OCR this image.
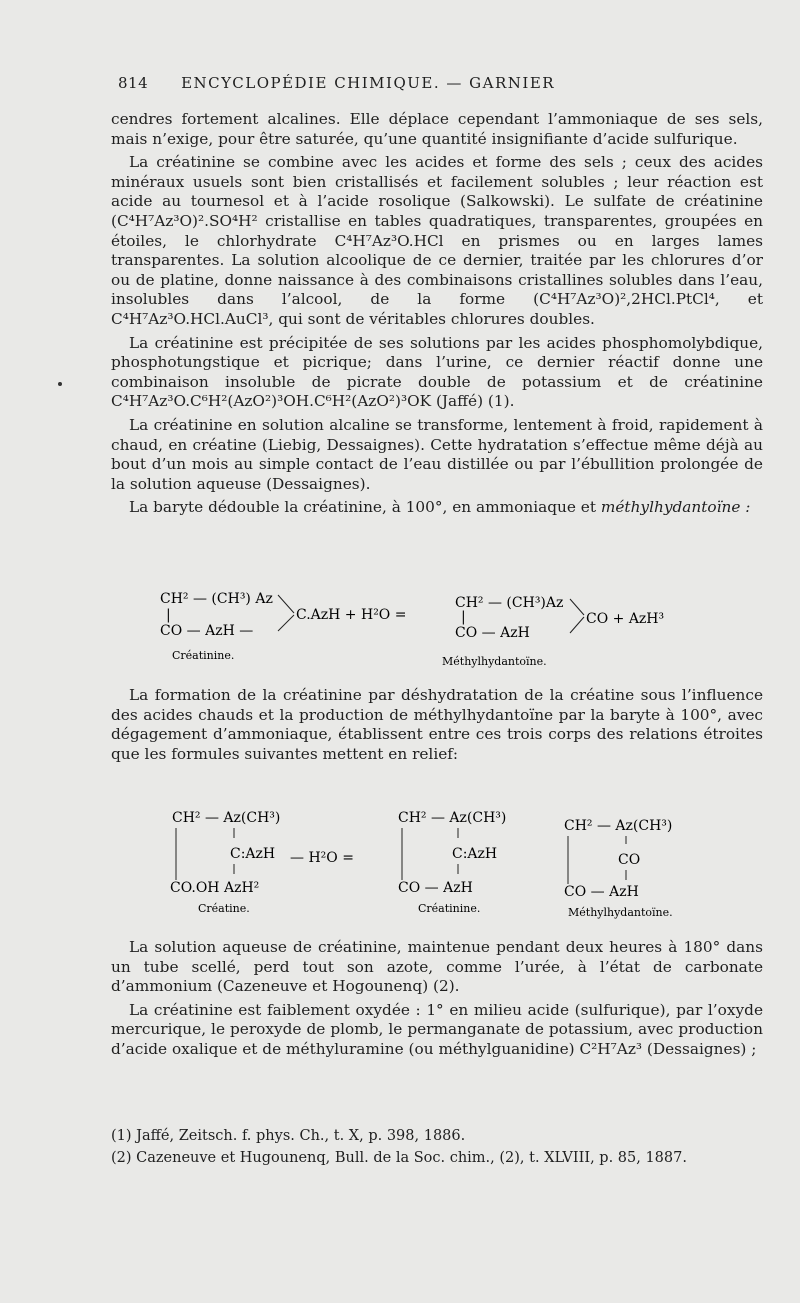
814 ENCYCLOPÉDIE CHIMIQUE. — GARNIER

cendres fortement alcalines. Elle déplace cependant l’ammoniaque de ses sels, mais n’exige, pour être saturée, qu’une quantité insignifiante d’acide sulfurique.

La créatinine se combine avec les acides et forme des sels ; ceux des acides minéraux usuels sont bien cristallisés et facilement solubles ; leur réaction est acide au tournesol et à l’acide rosolique (Salkowski). Le sulfate de créatinine (C⁴H⁷Az³O)².SO⁴H² cristallise en tables quadratiques, transparentes, groupées en étoiles, le chlorhydrate C⁴H⁷Az³O.HCl en prismes ou en larges lames transparentes. La solution alcoolique de ce dernier, traitée par les chlorures d’or ou de platine, donne naissance à des combinaisons cristallines solubles dans l’eau, insolubles dans l’alcool, de la forme (C⁴H⁷Az³O)²,2HCl.PtCl⁴, et C⁴H⁷Az³O.HCl.AuCl³, qui sont de véritables chlorures doubles.

La créatinine est précipitée de ses solutions par les acides phosphomolybdique, phosphotungstique et picrique; dans l’urine, ce dernier réactif donne une combinaison insoluble de picrate double de potassium et de créatinine C⁴H⁷Az³O.C⁶H²(AzO²)³OH.C⁶H²(AzO²)³OK (Jaffé) (1).

La créatinine en solution alcaline se transforme, lentement à froid, rapidement à chaud, en créatine (Liebig, Dessaignes). Cette hydratation s’effectue même déjà au bout d’un mois au simple contact de l’eau distillée ou par l’ébullition prolongée de la solution aqueuse (Dessaignes).

La baryte dédouble la créatinine, à 100°, en ammoniaque et méthylhydantoïne :

CH² — (CH³) Az
|
CO — AzH —
C.AzH + H²O =
CH² — (CH³)Az
|
CO — AzH
CO + AzH³
Créatinine.	Méthylhydantoïne.

La formation de la créatinine par déshydratation de la créatine sous l’influence des acides chauds et la production de méthylhydantoïne par la baryte à 100°, avec dégagement d’ammoniaque, établissent entre ces trois corps des relations étroites que les formules suivantes mettent en relief:

CH² — Az(CH³)
C:AzH
CO.OH AzH²
Créatine.
— H²O =
CH² — Az(CH³)
C:AzH
CO — AzH
Créatinine.
CH² — Az(CH³)
CO
CO — AzH
Méthylhydantoïne.

La solution aqueuse de créatinine, maintenue pendant deux heures à 180° dans un tube scellé, perd tout son azote, comme l’urée, à l’état de carbonate d’ammonium (Cazeneuve et Hogounenq) (2).

La créatinine est faiblement oxydée : 1° en milieu acide (sulfurique), par l’oxyde mercurique, le peroxyde de plomb, le permanganate de potassium, avec production d’acide oxalique et de méthyluramine (ou méthylguanidine) C²H⁷Az³ (Dessaignes) ;

(1) Jaffé, Zeitsch. f. phys. Ch., t. X, p. 398, 1886.
(2) Cazeneuve et Hugounenq, Bull. de la Soc. chim., (2), t. XLVIII, p. 85, 1887.
